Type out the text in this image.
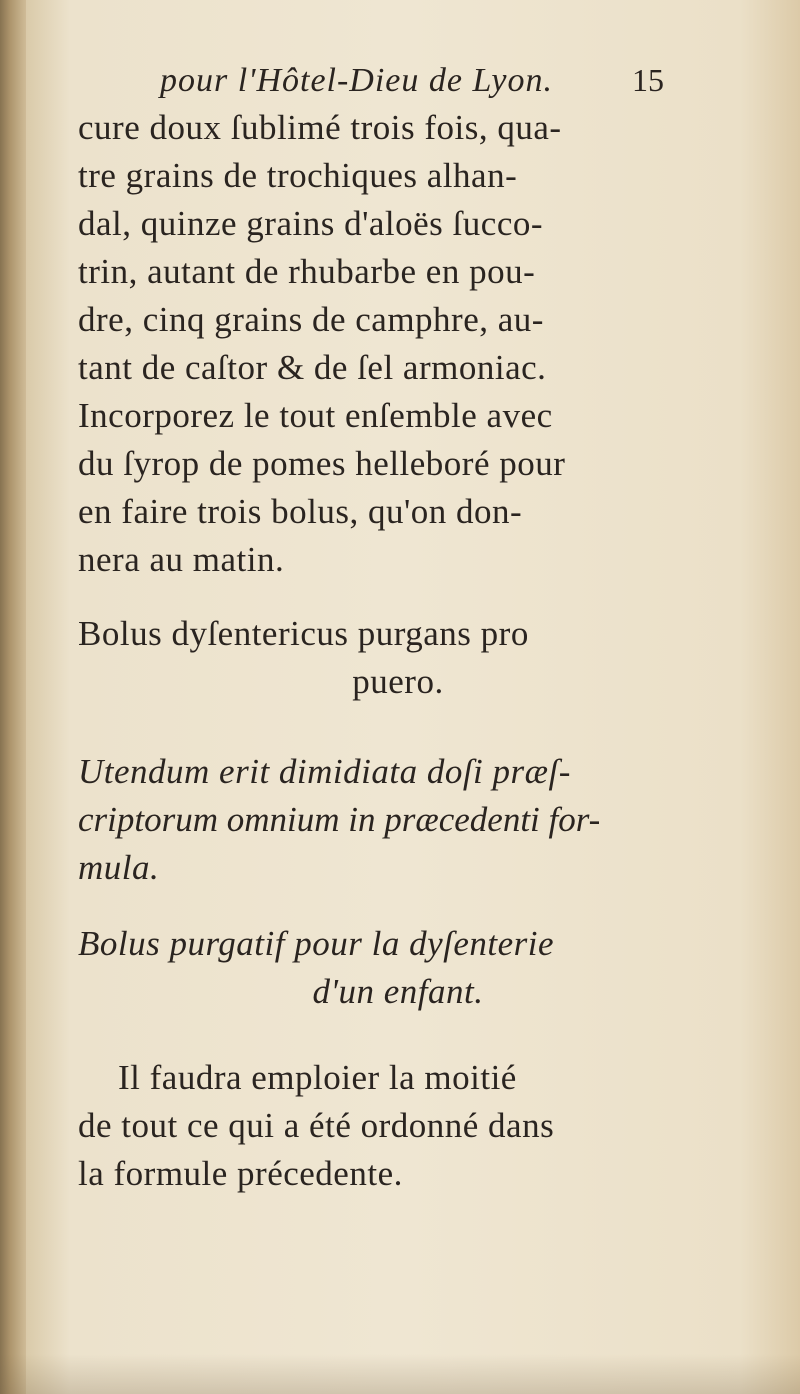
pour l'Hôtel-Dieu de Lyon.	15
cure doux ſublimé trois fois, qua-
tre grains de trochiques alhan-
dal, quinze grains d'aloës ſucco-
trin, autant de rhubarbe en pou-
dre, cinq grains de camphre, au-
tant de caſtor & de ſel armoniac.
Incorporez le tout enſemble avec
du ſyrop de pomes helleboré pour
en faire trois bolus, qu'on don-
nera au matin.
Bolus dyſentericus purgans pro
puero.
Utendum erit dimidiata doſi præſ-
criptorum omnium in præcedenti for-
mula.
Bolus purgatif pour la dyſenterie
d'un enfant.
Il faudra emploier la moitié
de tout ce qui a été ordonné dans
la formule précedente.
